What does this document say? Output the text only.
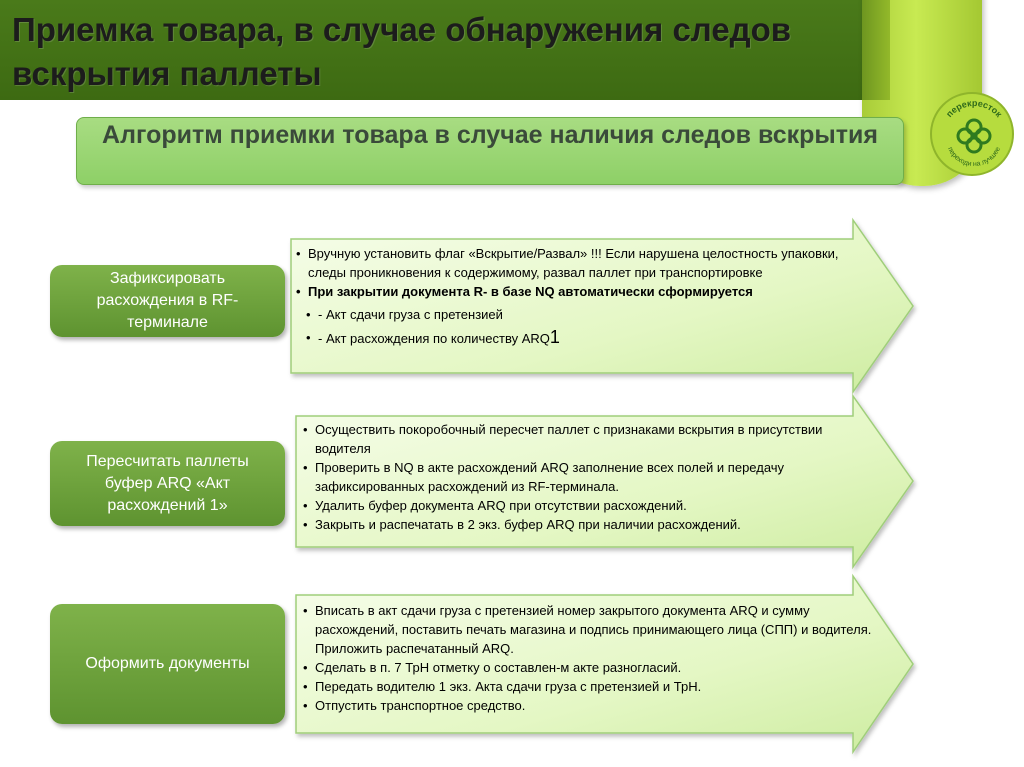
Приемка товара, в случае обнаружения следов вскрытия паллеты
перекресток
переходи на лучшее
Алгоритм приемки товара в случае наличия следов вскрытия
Зафиксировать расхождения в RF-терминале
Пересчитать паллеты буфер ARQ «Акт расхождений 1»
Оформить документы
• Вручную установить флаг «Вскрытие/Развал» !!! Если нарушена целостность упаковки, следы проникновения к содержимому, развал паллет при транспортировке
• При закрытии документа R- в базе NQ автоматически сформируется
• - Акт сдачи груза с претензией
• - Акт расхождения по количеству ARQ1
• Осуществить покоробочный пересчет паллет с признаками вскрытия в присутствии водителя
• Проверить в NQ в акте расхождений ARQ заполнение всех полей и передачу зафиксированных расхождений из RF-терминала.
• Удалить буфер документа ARQ при отсутствии расхождений.
• Закрыть и распечатать в 2 экз. буфер ARQ при наличии расхождений.
• Вписать в акт сдачи груза с претензией номер закрытого документа ARQ и сумму расхождений, поставить печать магазина и подпись принимающего лица (СПП) и водителя. Приложить распечатанный ARQ.
• Сделать в п. 7 ТрН отметку о составлен-м акте разногласий.
• Передать водителю 1 экз. Акта сдачи груза с претензией и ТрН.
• Отпустить транспортное средство.
